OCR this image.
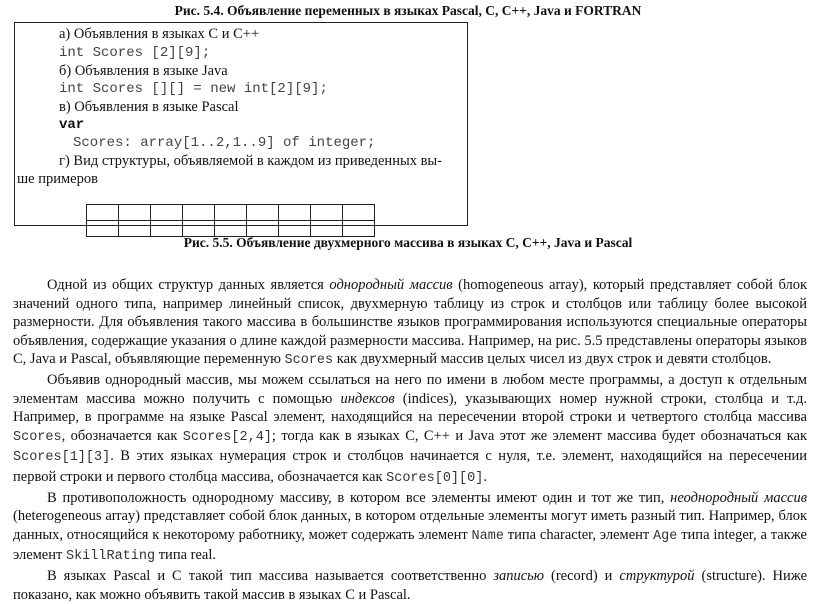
Рис. 5.4. Объявление переменных в языках Pascal, C, C++, Java и FORTRAN
а) Объявления в языках С и С++
int Scores [2][9];
б) Объявления в языке Java
int Scores [][] = new int[2][9];
в) Объявления в языке Pascal
var
Scores: array[1..2,1..9] of integer;
г) Вид структуры, объявляемой в каждом из приведенных вы-
ше примеров

Рис. 5.5. Объявление двухмерного массива в языках С, С++, Java и Pascal

Одной из общих структур данных является однородный массив (homogeneous array), который представляет собой блок значений одного типа, например линейный список, двухмерную таблицу из строк и столбцов или таблицу более высокой размерности. Для объявления такого массива в большинстве языков программирования используются специальные операторы объявления, содержащие указания о длине каждой размерности массива. Например, на рис. 5.5 представлены операторы языков С, Java и Pascal, объявляющие переменную Scores как двухмерный массив целых чисел из двух строк и девяти столбцов.

Объявив однородный массив, мы можем ссылаться на него по имени в любом месте программы, а доступ к отдельным элементам массива можно получить с помощью индексов (indices), указывающих номер нужной строки, столбца и т.д. Например, в программе на языке Pascal элемент, находящийся на пересечении второй строки и четвертого столбца массива Scores, обозначается как Scores[2,4]; тогда как в языках С, С++ и Java этот же элемент массива будет обозначаться как Scores[1][3]. В этих языках нумерация строк и столбцов начинается с нуля, т.е. элемент, находящийся на пересечении первой строки и первого столбца массива, обозначается как Scores[0][0].

В противоположность однородному массиву, в котором все элементы имеют один и тот же тип, неоднородный массив (heterogeneous array) представляет собой блок данных, в котором отдельные элементы могут иметь разный тип. Например, блок данных, относящийся к некоторому работнику, может содержать элемент Name типа character, элемент Age типа integer, а также элемент SkillRating типа real.

В языках Pascal и С такой тип массива называется соответственно записью (record) и структурой (structure). Ниже показано, как можно объявить такой массив в языках С и Pascal.
